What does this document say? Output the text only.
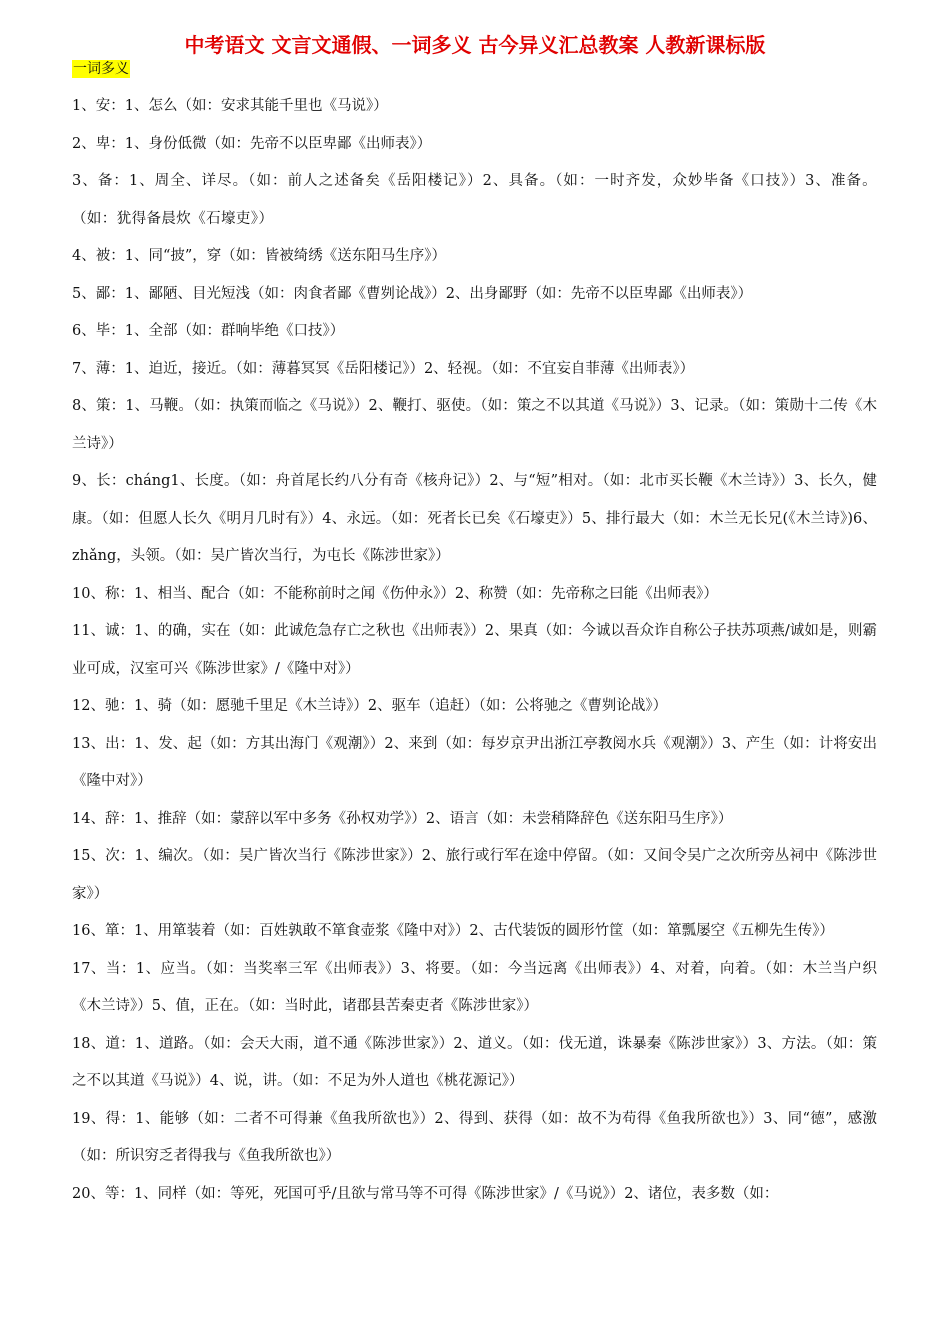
中考语文 文言文通假、一词多义 古今异义汇总教案 人教新课标版
一词多义
1、安：1、怎么（如：安求其能千里也《马说》）
2、卑：1、身份低微（如：先帝不以臣卑鄙《出师表》）
3、备：1、周全、详尽。（如：前人之述备矣《岳阳楼记》）2、具备。（如：一时齐发，众妙毕备《口技》）3、准备。（如：犹得备晨炊《石壕吏》）
4、被：1、同“披”，穿（如：皆被绮绣《送东阳马生序》）
5、鄙：1、鄙陋、目光短浅（如：肉食者鄙《曹刿论战》）2、出身鄙野（如：先帝不以臣卑鄙《出师表》）
6、毕：1、全部（如：群响毕绝《口技》）
7、薄：1、迫近，接近。（如：薄暮冥冥《岳阳楼记》）2、轻视。（如：不宜妄自菲薄《出师表》）
8、策：1、马鞭。（如：执策而临之《马说》）2、鞭打、驱使。（如：策之不以其道《马说》）3、记录。（如：策勋十二传《木兰诗》）
9、长：cháng1、长度。（如：舟首尾长约八分有奇《核舟记》）2、与“短”相对。（如：北市买长鞭《木兰诗》）3、长久，健康。（如：但愿人长久《明月几时有》）4、永远。（如：死者长已矣《石壕吏》）5、排行最大（如：木兰无长兄(《木兰诗》)6、zhǎng，头领。（如：吴广皆次当行，为屯长《陈涉世家》）
10、称：1、相当、配合（如：不能称前时之闻《伤仲永》）2、称赞（如：先帝称之曰能《出师表》）
11、诚：1、的确，实在（如：此诚危急存亡之秋也《出师表》）2、果真（如：今诚以吾众诈自称公子扶苏项燕/诚如是，则霸业可成，汉室可兴《陈涉世家》/《隆中对》）
12、驰：1、骑（如：愿驰千里足《木兰诗》）2、驱车（追赶）（如：公将驰之《曹刿论战》）
13、出：1、发、起（如：方其出海门《观潮》）2、来到（如：每岁京尹出浙江亭教阅水兵《观潮》）3、产生（如：计将安出《隆中对》）
14、辞：1、推辞（如：蒙辞以军中多务《孙权劝学》）2、语言（如：未尝稍降辞色《送东阳马生序》）
15、次：1、编次。（如：吴广皆次当行《陈涉世家》）2、旅行或行军在途中停留。（如：又间令吴广之次所旁丛祠中《陈涉世家》）
16、箪：1、用箪装着（如：百姓孰敢不箪食壶浆《隆中对》）2、古代装饭的圆形竹筐（如：箪瓢屡空《五柳先生传》）
17、当：1、应当。（如：当奖率三军《出师表》）3、将要。（如：今当远离《出师表》）4、对着，向着。（如：木兰当户织《木兰诗》）5、值，正在。（如：当时此，诸郡县苦秦吏者《陈涉世家》）
18、道：1、道路。（如：会天大雨，道不通《陈涉世家》）2、道义。（如：伐无道，诛暴秦《陈涉世家》）3、方法。（如：策之不以其道《马说》）4、说，讲。（如：不足为外人道也《桃花源记》）
19、得：1、能够（如：二者不可得兼《鱼我所欲也》）2、得到、获得（如：故不为苟得《鱼我所欲也》）3、同“德”，感激（如：所识穷乏者得我与《鱼我所欲也》）
20、等：1、同样（如：等死，死国可乎/且欲与常马等不可得《陈涉世家》/《马说》）2、诸位，表多数（如：
